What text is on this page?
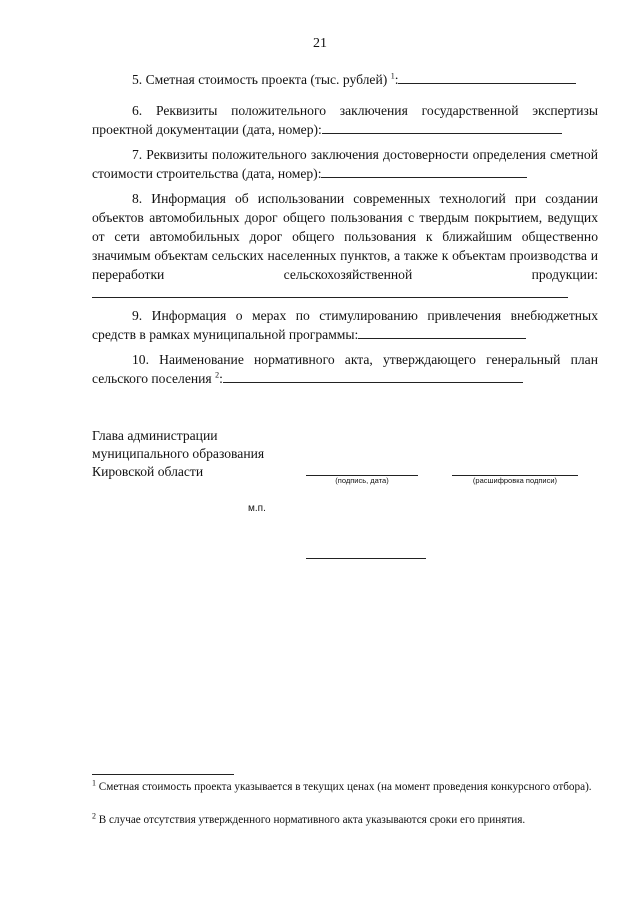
21
5. Сметная стоимость проекта (тыс. рублей) $^1$:
6. Реквизиты положительного заключения государственной экспертизы проектной документации (дата, номер):
7. Реквизиты положительного заключения достоверности определения сметной стоимости строительства (дата, номер):
8. Информация об использовании современных технологий при создании объектов автомобильных дорог общего пользования с твердым покрытием, ведущих от сети автомобильных дорог общего пользования к ближайшим общественно значимым объектам сельских населенных пунктов, а также к объектам производства и переработки сельскохозяйственной продукции:
9. Информация о мерах по стимулированию привлечения внебюджетных средств в рамках муниципальной программы:
10. Наименование нормативного акта, утверждающего генеральный план сельского поселения $^2$:
Глава администрации
муниципального образования
Кировской области
(подпись, дата)	(расшифровка подписи)
м.п.
$^1$ Сметная стоимость проекта указывается в текущих ценах (на момент проведения конкурсного отбора).
$^2$ В случае отсутствия утвержденного нормативного акта указываются сроки его принятия.
